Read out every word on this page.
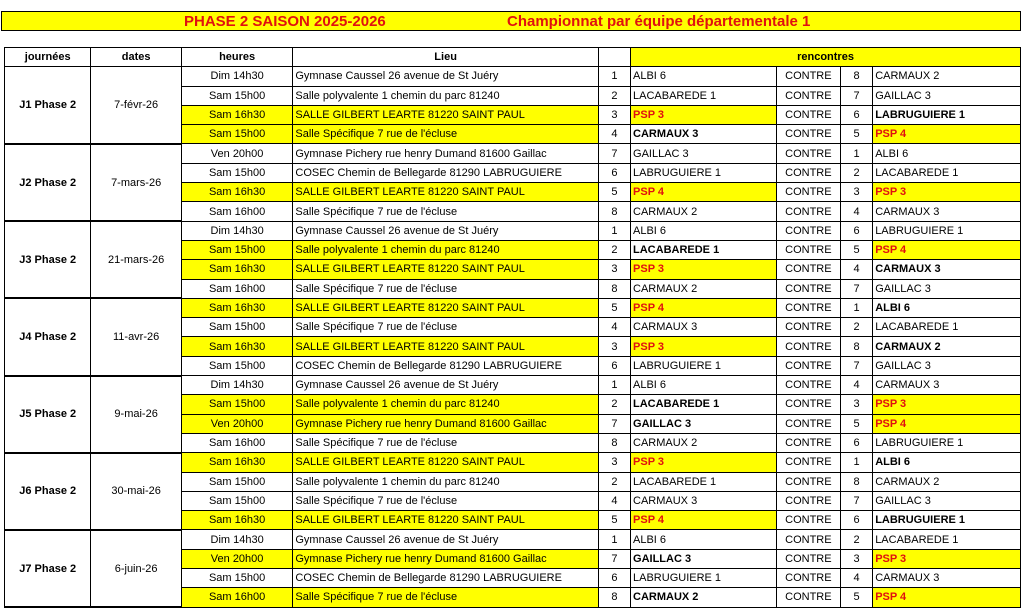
PHASE 2 SAISON 2025-2026	Championnat par équipe départementale 1
journées	dates	heures	Lieu		rencontres			
J1 Phase 2	7-févr-26	Dim 14h30	Gymnase Caussel 26 avenue de St Juéry	1	ALBI 6	CONTRE	8	CARMAUX 2
		Sam 15h00	Salle polyvalente 1 chemin du parc 81240	2	LACABAREDE 1	CONTRE	7	GAILLAC 3
		Sam 16h30	SALLE GILBERT LEARTE 81220 SAINT PAUL	3	PSP 3	CONTRE	6	LABRUGUIERE 1
		Sam 15h00	Salle Spécifique 7 rue de l'écluse	4	CARMAUX 3	CONTRE	5	PSP 4
J2 Phase 2	7-mars-26	Ven 20h00	Gymnase Pichery rue henry Dumand 81600 Gaillac	7	GAILLAC 3	CONTRE	1	ALBI 6
		Sam 15h00	COSEC Chemin de Bellegarde 81290 LABRUGUIERE	6	LABRUGUIERE 1	CONTRE	2	LACABAREDE 1
		Sam 16h30	SALLE GILBERT LEARTE 81220 SAINT PAUL	5	PSP 4	CONTRE	3	PSP 3
		Sam 16h00	Salle Spécifique 7 rue de l'écluse	8	CARMAUX 2	CONTRE	4	CARMAUX 3
J3 Phase 2	21-mars-26	Dim 14h30	Gymnase Caussel 26 avenue de St Juéry	1	ALBI 6	CONTRE	6	LABRUGUIERE 1
		Sam 15h00	Salle polyvalente 1 chemin du parc 81240	2	LACABAREDE 1	CONTRE	5	PSP 4
		Sam 16h30	SALLE GILBERT LEARTE 81220 SAINT PAUL	3	PSP 3	CONTRE	4	CARMAUX 3
		Sam 16h00	Salle Spécifique 7 rue de l'écluse	8	CARMAUX 2	CONTRE	7	GAILLAC 3
J4 Phase 2	11-avr-26	Sam 16h30	SALLE GILBERT LEARTE 81220 SAINT PAUL	5	PSP 4	CONTRE	1	ALBI 6
		Sam 15h00	Salle Spécifique 7 rue de l'écluse	4	CARMAUX 3	CONTRE	2	LACABAREDE 1
		Sam 16h30	SALLE GILBERT LEARTE 81220 SAINT PAUL	3	PSP 3	CONTRE	8	CARMAUX 2
		Sam 15h00	COSEC Chemin de Bellegarde 81290 LABRUGUIERE	6	LABRUGUIERE 1	CONTRE	7	GAILLAC 3
J5 Phase 2	9-mai-26	Dim 14h30	Gymnase Caussel 26 avenue de St Juéry	1	ALBI 6	CONTRE	4	CARMAUX 3
		Sam 15h00	Salle polyvalente 1 chemin du parc 81240	2	LACABAREDE 1	CONTRE	3	PSP 3
		Ven 20h00	Gymnase Pichery rue henry Dumand 81600 Gaillac	7	GAILLAC 3	CONTRE	5	PSP 4
		Sam 16h00	Salle Spécifique 7 rue de l'écluse	8	CARMAUX 2	CONTRE	6	LABRUGUIERE 1
J6 Phase 2	30-mai-26	Sam 16h30	SALLE GILBERT LEARTE 81220 SAINT PAUL	3	PSP 3	CONTRE	1	ALBI 6
		Sam 15h00	Salle polyvalente 1 chemin du parc 81240	2	LACABAREDE 1	CONTRE	8	CARMAUX 2
		Sam 15h00	Salle Spécifique 7 rue de l'écluse	4	CARMAUX 3	CONTRE	7	GAILLAC 3
		Sam 16h30	SALLE GILBERT LEARTE 81220 SAINT PAUL	5	PSP 4	CONTRE	6	LABRUGUIERE 1
J7 Phase 2	6-juin-26	Dim 14h30	Gymnase Caussel 26 avenue de St Juéry	1	ALBI 6	CONTRE	2	LACABAREDE 1
		Ven 20h00	Gymnase Pichery rue henry Dumand 81600 Gaillac	7	GAILLAC 3	CONTRE	3	PSP 3
		Sam 15h00	COSEC Chemin de Bellegarde 81290 LABRUGUIERE	6	LABRUGUIERE 1	CONTRE	4	CARMAUX 3
		Sam 16h00	Salle Spécifique 7 rue de l'écluse	8	CARMAUX 2	CONTRE	5	PSP 4
